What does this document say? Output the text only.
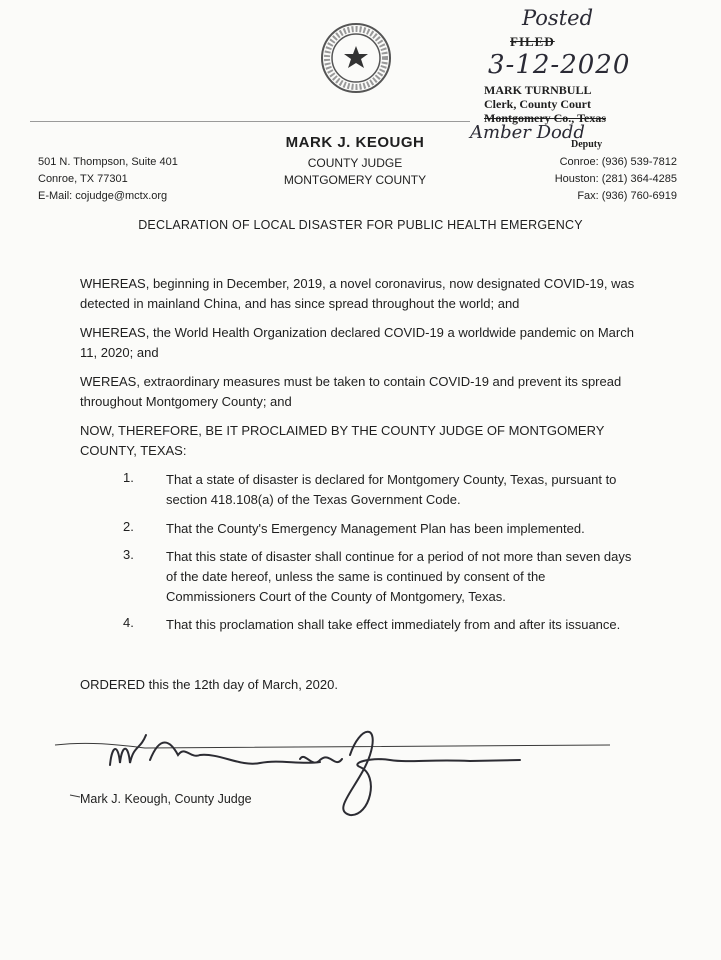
Posted
FILED
3-12-2020
MARK TURNBULL
Clerk, County Court
Montgomery Co., Texas
Amber Dodd
Deputy
MARK J. KEOUGH
COUNTY JUDGE
MONTGOMERY COUNTY
501 N. Thompson, Suite 401
Conroe, TX 77301
E-Mail: cojudge@mctx.org
Conroe: (936) 539-7812
Houston: (281) 364-4285
Fax: (936) 760-6919
DECLARATION OF LOCAL DISASTER FOR PUBLIC HEALTH EMERGENCY
WHEREAS, beginning in December, 2019, a novel coronavirus, now designated COVID-19, was detected in mainland China, and has since spread throughout the world; and
WHEREAS, the World Health Organization declared COVID-19 a worldwide pandemic on March 11, 2020; and
WEREAS, extraordinary measures must be taken to contain COVID-19 and prevent its spread throughout Montgomery County; and
NOW, THEREFORE, BE IT PROCLAIMED BY THE COUNTY JUDGE OF MONTGOMERY COUNTY, TEXAS:
1. That a state of disaster is declared for Montgomery County, Texas, pursuant to section 418.108(a) of the Texas Government Code.
2. That the County's Emergency Management Plan has been implemented.
3. That this state of disaster shall continue for a period of not more than seven days of the date hereof, unless the same is continued by consent of the Commissioners Court of the County of Montgomery, Texas.
4. That this proclamation shall take effect immediately from and after its issuance.
ORDERED this the 12th day of March, 2020.
Mark J. Keough, County Judge
